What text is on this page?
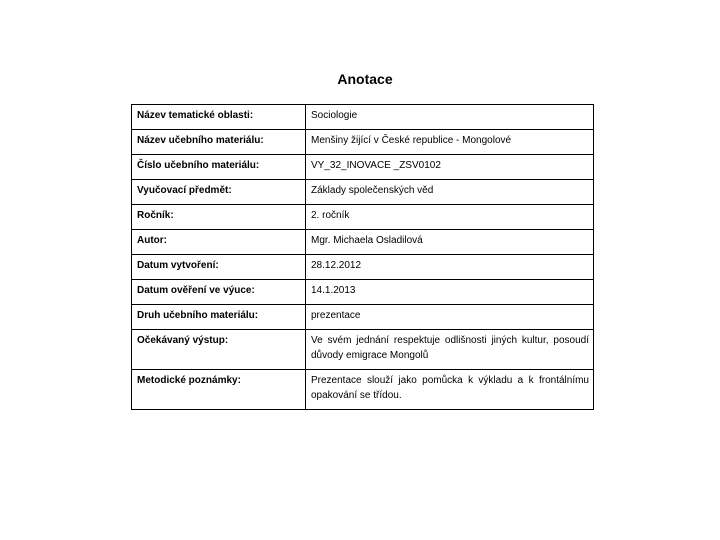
Anotace
Název tematické oblasti:	Sociologie
Název učebního materiálu:	Menšiny žijící v České republice - Mongolové
Číslo učebního materiálu:	VY_32_INOVACE _ZSV0102
Vyučovací předmět:	Základy společenských věd
Ročník:	2. ročník
Autor:	Mgr. Michaela Osladilová
Datum vytvoření:	28.12.2012
Datum ověření ve výuce:	14.1.2013
Druh učebního materiálu:	prezentace
Očekávaný výstup:	Ve svém jednání respektuje odlišnosti jiných kultur, posoudí důvody emigrace Mongolů
Metodické poznámky:	Prezentace slouží jako pomůcka k výkladu a k frontálnímu opakování se třídou.
